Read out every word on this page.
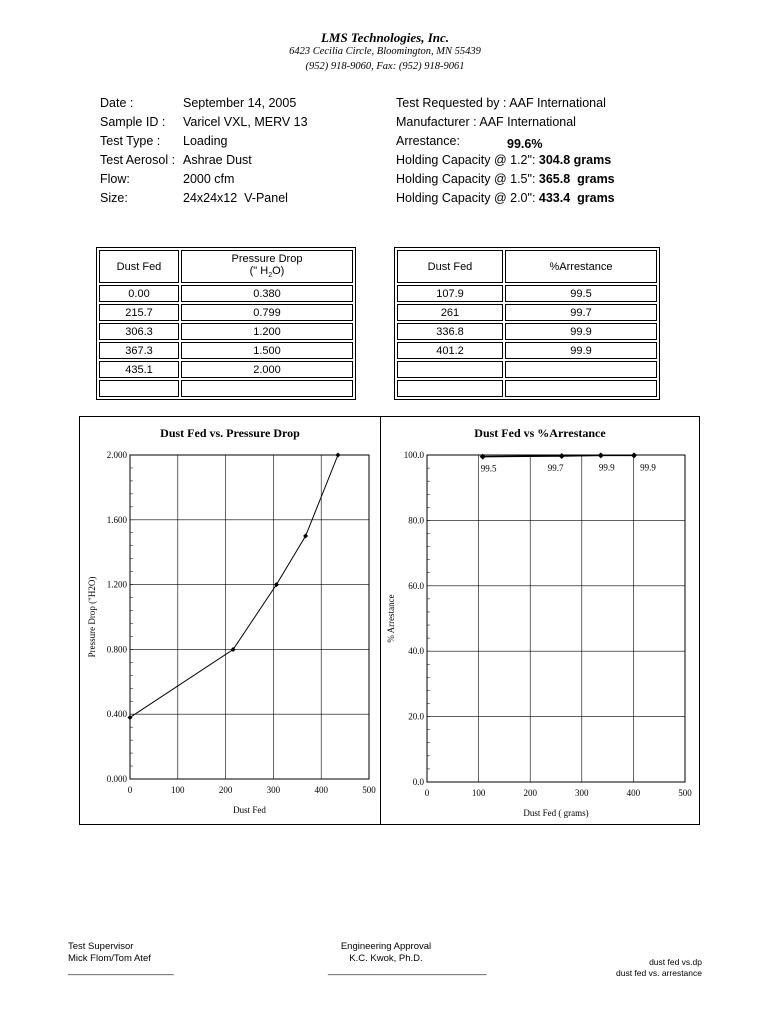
LMS Technologies, Inc.
6423 Cecilia Circle, Bloomington, MN 55439
(952) 918-9060, Fax: (952) 918-9061
Date :	September 14, 2005
Sample ID : Varicel VXL, MERV 13
Test Type : Loading
Test Aerosol : Ashrae Dust
Flow:	2000 cfm
Size:	24x24x12  V-Panel
Test Requested by : AAF International
Manufacturer : AAF International
Arrestance:	99.6%
Holding Capacity @ 1.2": 304.8 grams
Holding Capacity @ 1.5": 365.8  grams
Holding Capacity @ 2.0": 433.4  grams
Dust Fed	Pressure Drop
(" $H_2O$)

0.00	0.380
215.7	0.799
306.3	1.200
367.3	1.500
435.1	2.000

Dust Fed	%Arrestance
107.9	99.5
261	99.7
336.8	99.9
401.2	99.9

Dust Fed vs. Pressure Drop
0	100	200	300	400	500
0.000
0.400
0.800
1.200
1.600
2.000
Dust Fed
Pressure Drop ("H2O)
Dust Fed vs %Arrestance
0	100	200	300	400	500
0.0
20.0
40.0
60.0
80.0
100.0
99.5	99.7	99.9	99.9
Dust Fed ( grams)
% Arrestance
Test Supervisor
Mick Flom/Tom Atef
____________________
Engineering Approval
K.C. Kwok, Ph.D.
______________________________
dust fed vs.dp
dust fed vs. arrestance
